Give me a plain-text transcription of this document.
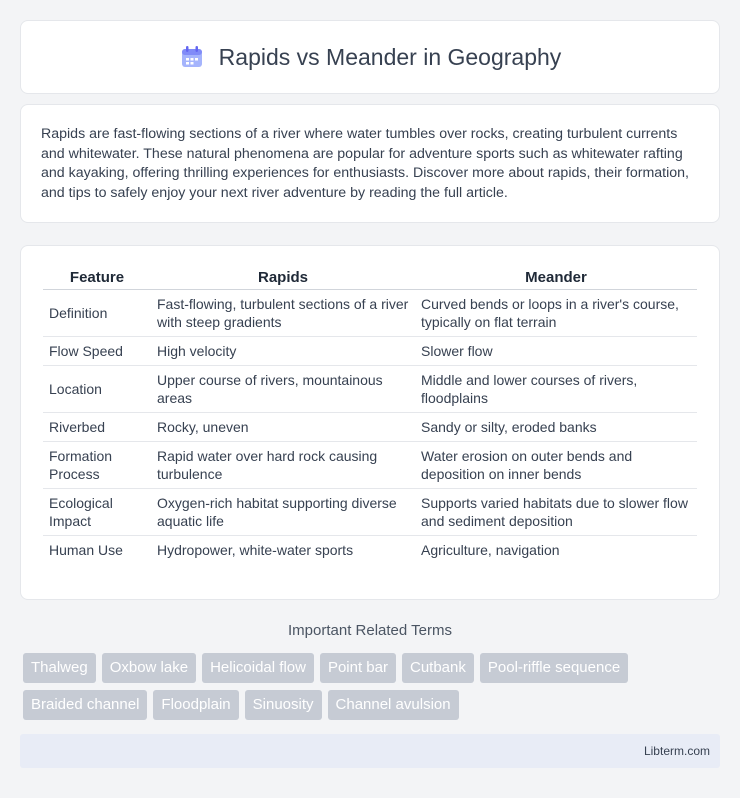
Rapids vs Meander in Geography

Rapids are fast-flowing sections of a river where water tumbles over rocks, creating turbulent currents and whitewater. These natural phenomena are popular for adventure sports such as whitewater rafting and kayaking, offering thrilling experiences for enthusiasts. Discover more about rapids, their formation, and tips to safely enjoy your next river adventure by reading the full article.

Feature	Rapids	Meander
Definition	Fast-flowing, turbulent sections of a river with steep gradients	Curved bends or loops in a river's course, typically on flat terrain
Flow Speed	High velocity	Slower flow
Location	Upper course of rivers, mountainous areas	Middle and lower courses of rivers, floodplains
Riverbed	Rocky, uneven	Sandy or silty, eroded banks
Formation Process	Rapid water over hard rock causing turbulence	Water erosion on outer bends and deposition on inner bends
Ecological Impact	Oxygen-rich habitat supporting diverse aquatic life	Supports varied habitats due to slower flow and sediment deposition
Human Use	Hydropower, white-water sports	Agriculture, navigation
Important Related Terms
Thalweg	Oxbow lake	Helicoidal flow	Point bar	Cutbank	Pool-riffle sequence
Braided channel	Floodplain	Sinuosity	Channel avulsion
Libterm.com
